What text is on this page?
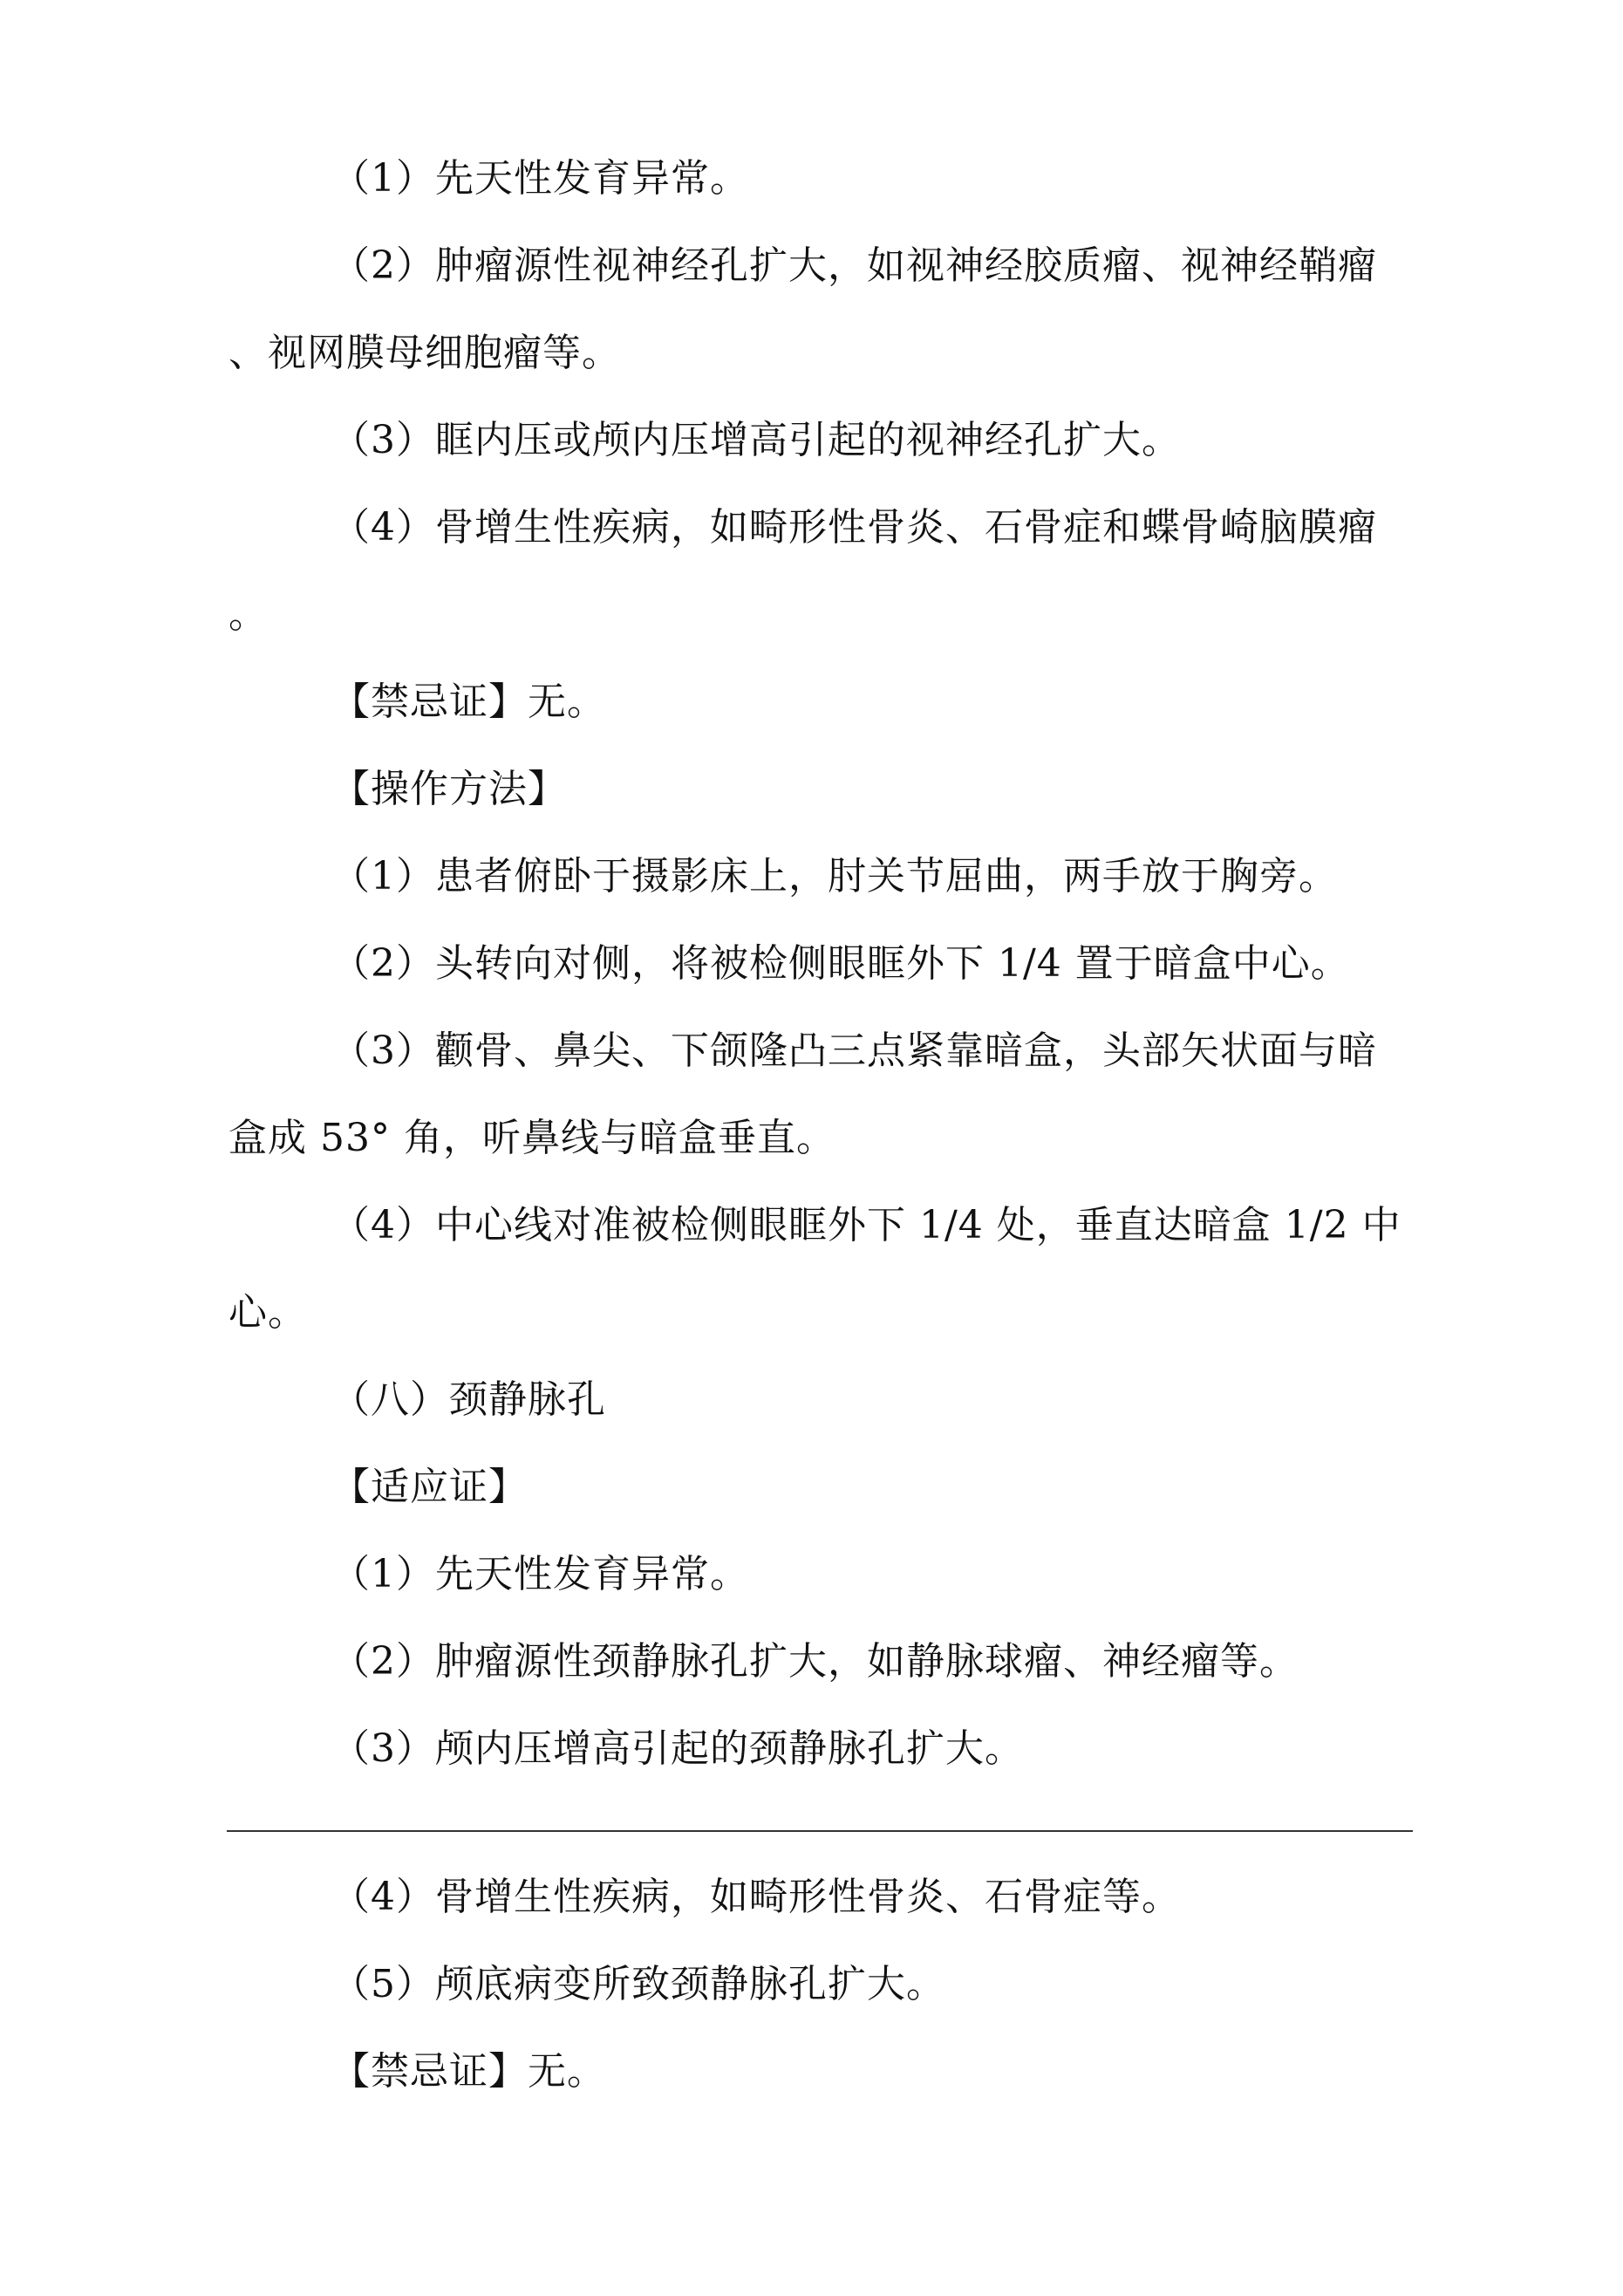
（1）先天性发育异常。
（2）肿瘤源性视神经孔扩大，如视神经胶质瘤、视神经鞘瘤
、视网膜母细胞瘤等。
（3）眶内压或颅内压增高引起的视神经孔扩大。
（4）骨增生性疾病，如畸形性骨炎、石骨症和蝶骨崎脑膜瘤
。
【禁忌证】无。
【操作方法】
（1）患者俯卧于摄影床上，肘关节屈曲，两手放于胸旁。
（2）头转向对侧，将被检侧眼眶外下 1/4 置于暗盒中心。
（3）颧骨、鼻尖、下颌隆凸三点紧靠暗盒，头部矢状面与暗
盒成 53° 角，听鼻线与暗盒垂直。
（4）中心线对准被检侧眼眶外下 1/4 处，垂直达暗盒 1/2 中
心。
（八）颈静脉孔
【适应证】
（1）先天性发育异常。
（2）肿瘤源性颈静脉孔扩大，如静脉球瘤、神经瘤等。
（3）颅内压增高引起的颈静脉孔扩大。
（4）骨增生性疾病，如畸形性骨炎、石骨症等。
（5）颅底病变所致颈静脉孔扩大。
【禁忌证】无。
